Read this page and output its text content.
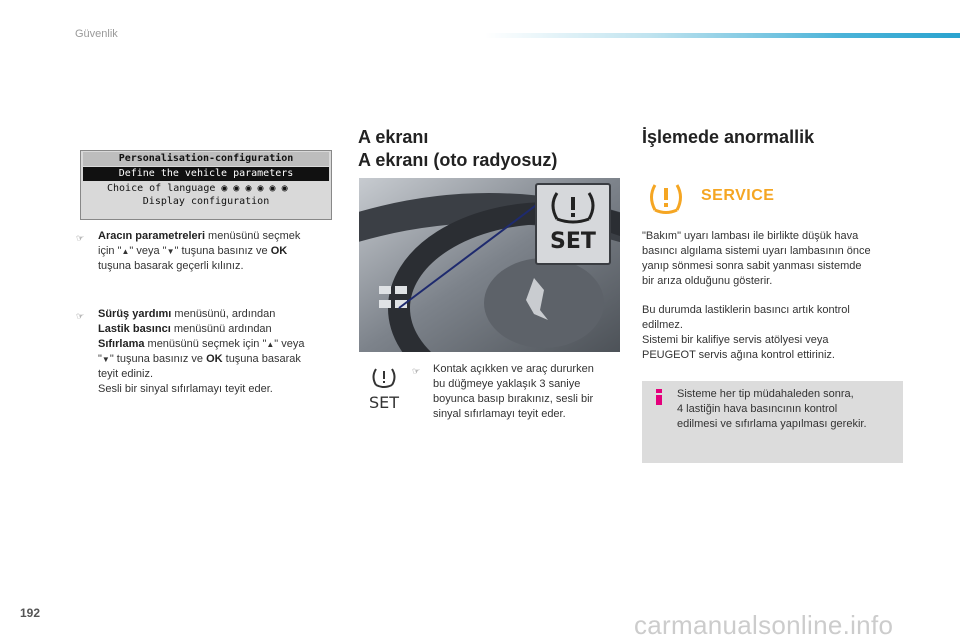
Güvenlik
Personalisation-configuration
Define the vehicle parameters
Choice of language ◉ ◉ ◉ ◉ ◉ ◉
Display configuration
☞ Aracın parametreleri menüsünü seçmek
için "▲" veya "▼" tuşuna basınız ve OK
tuşuna basarak geçerli kılınız.
☞ Sürüş yardımı menüsünü, ardından
Lastik basıncı menüsünü ardından
Sıfırlama menüsünü seçmek için "▲" veya
"▼" tuşuna basınız ve OK tuşuna basarak
teyit ediniz.
Sesli bir sinyal sıfırlamayı teyit eder.
A ekranı
A ekranı (oto radyosuz)
SET
SET
☞ Kontak açıkken ve araç dururken
bu düğmeye yaklaşık 3 saniye
boyunca basıp bırakınız, sesli bir
sinyal sıfırlamayı teyit eder.
İşlemede anormallik
SERVICE
"Bakım" uyarı lambası ile birlikte düşük hava
basıncı algılama sistemi uyarı lambasının önce
yanıp sönmesi sonra sabit yanması sistemde
bir arıza olduğunu gösterir.
Bu durumda lastiklerin basıncı artık kontrol
edilmez.
Sistemi bir kalifiye servis atölyesi veya
PEUGEOT servis ağına kontrol ettiriniz.
Sisteme her tip müdahaleden sonra,
4 lastiğin hava basıncının kontrol
edilmesi ve sıfırlama yapılması gerekir.
192	carmanualsonline.info
